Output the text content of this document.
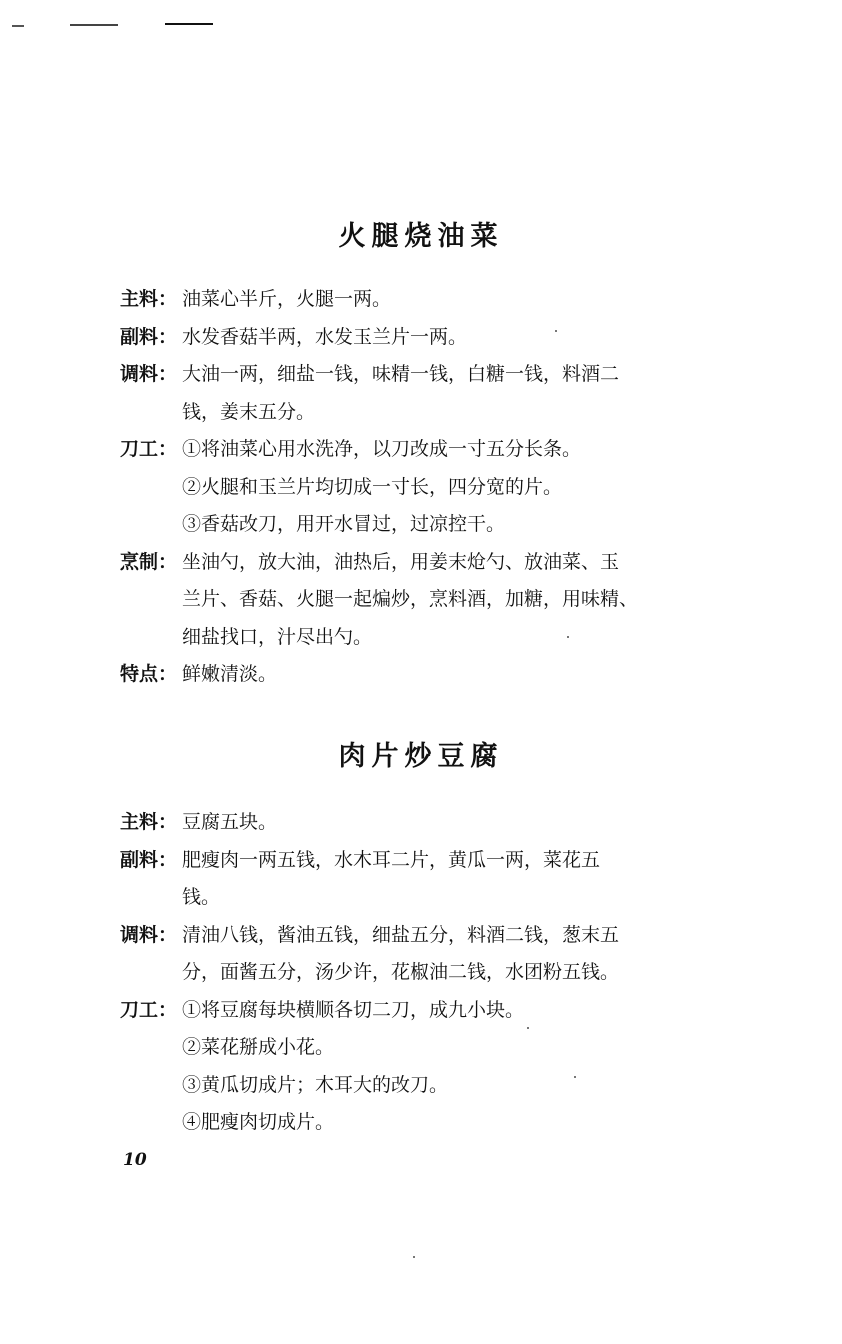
火腿烧油菜
主料： 油菜心半斤，火腿一两。
副料： 水发香菇半两，水发玉兰片一两。
调料： 大油一两，细盐一钱，味精一钱，白糖一钱，料酒二
钱，姜末五分。
刀工： ①将油菜心用水洗净，以刀改成一寸五分长条。
②火腿和玉兰片均切成一寸长，四分宽的片。
③香菇改刀，用开水冒过，过凉控干。
烹制： 坐油勺，放大油，油热后，用姜末炝勺、放油菜、玉
兰片、香菇、火腿一起煸炒，烹料酒，加糖，用味精、
细盐找口，汁尽出勺。
特点： 鲜嫩清淡。
肉片炒豆腐
主料： 豆腐五块。
副料： 肥瘦肉一两五钱，水木耳二片，黄瓜一两，菜花五
钱。
调料： 清油八钱，酱油五钱，细盐五分，料酒二钱，葱末五
分，面酱五分，汤少许，花椒油二钱，水团粉五钱。
刀工： ①将豆腐每块横顺各切二刀，成九小块。
②菜花掰成小花。
③黄瓜切成片；木耳大的改刀。
④肥瘦肉切成片。
10
